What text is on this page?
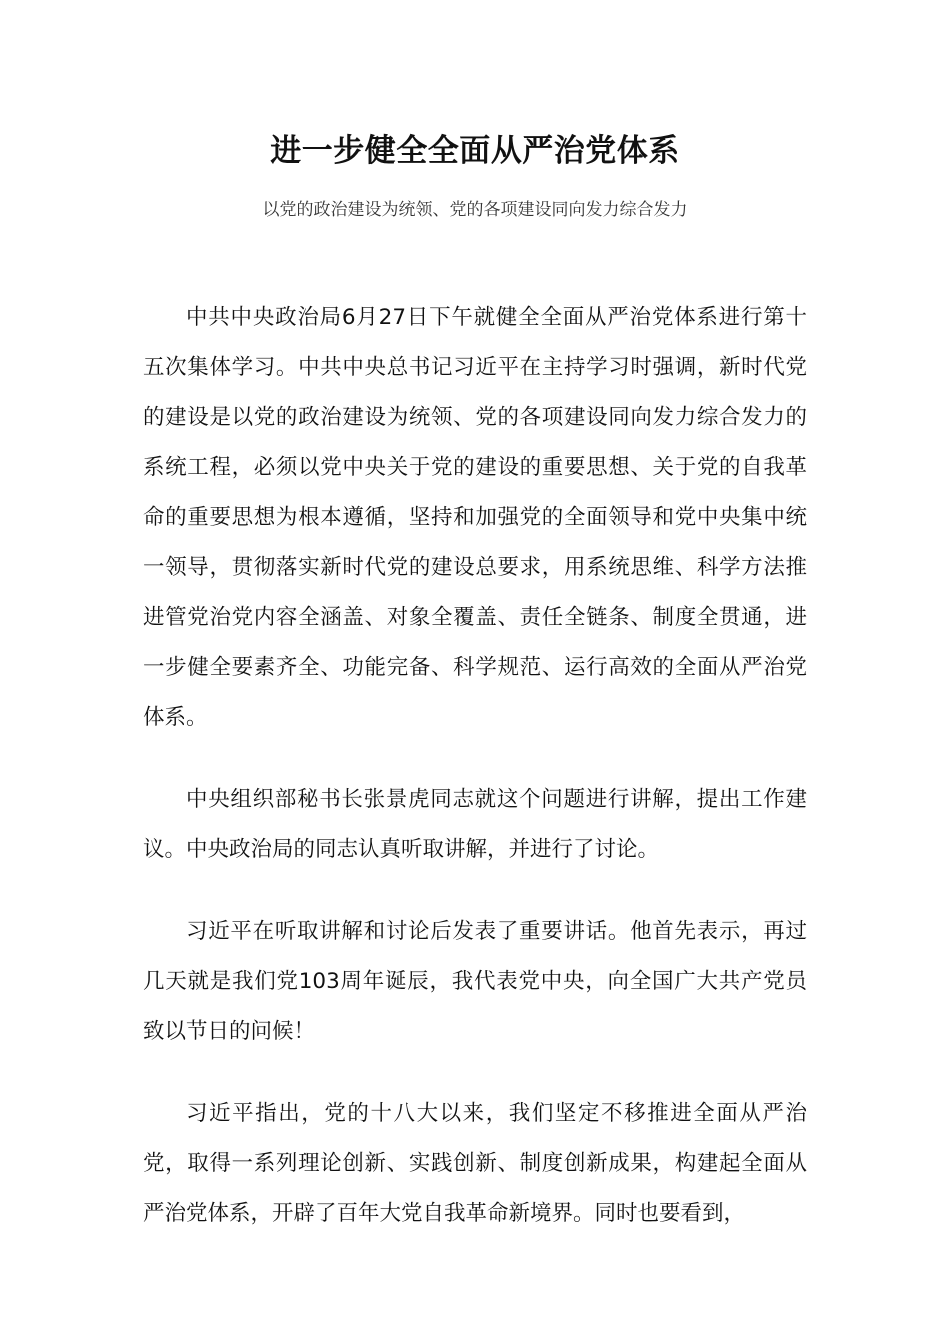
进一步健全全面从严治党体系

以党的政治建设为统领、党的各项建设同向发力综合发力

中共中央政治局6月27日下午就健全全面从严治党体系进行第十五次集体学习。中共中央总书记习近平在主持学习时强调，新时代党的建设是以党的政治建设为统领、党的各项建设同向发力综合发力的系统工程，必须以党中央关于党的建设的重要思想、关于党的自我革命的重要思想为根本遵循，坚持和加强党的全面领导和党中央集中统一领导，贯彻落实新时代党的建设总要求，用系统思维、科学方法推进管党治党内容全涵盖、对象全覆盖、责任全链条、制度全贯通，进一步健全要素齐全、功能完备、科学规范、运行高效的全面从严治党体系。

中央组织部秘书长张景虎同志就这个问题进行讲解，提出工作建议。中央政治局的同志认真听取讲解，并进行了讨论。

习近平在听取讲解和讨论后发表了重要讲话。他首先表示，再过几天就是我们党103周年诞辰，我代表党中央，向全国广大共产党员致以节日的问候！

习近平指出，党的十八大以来，我们坚定不移推进全面从严治党，取得一系列理论创新、实践创新、制度创新成果，构建起全面从严治党体系，开辟了百年大党自我革命新境界。同时也要看到，
